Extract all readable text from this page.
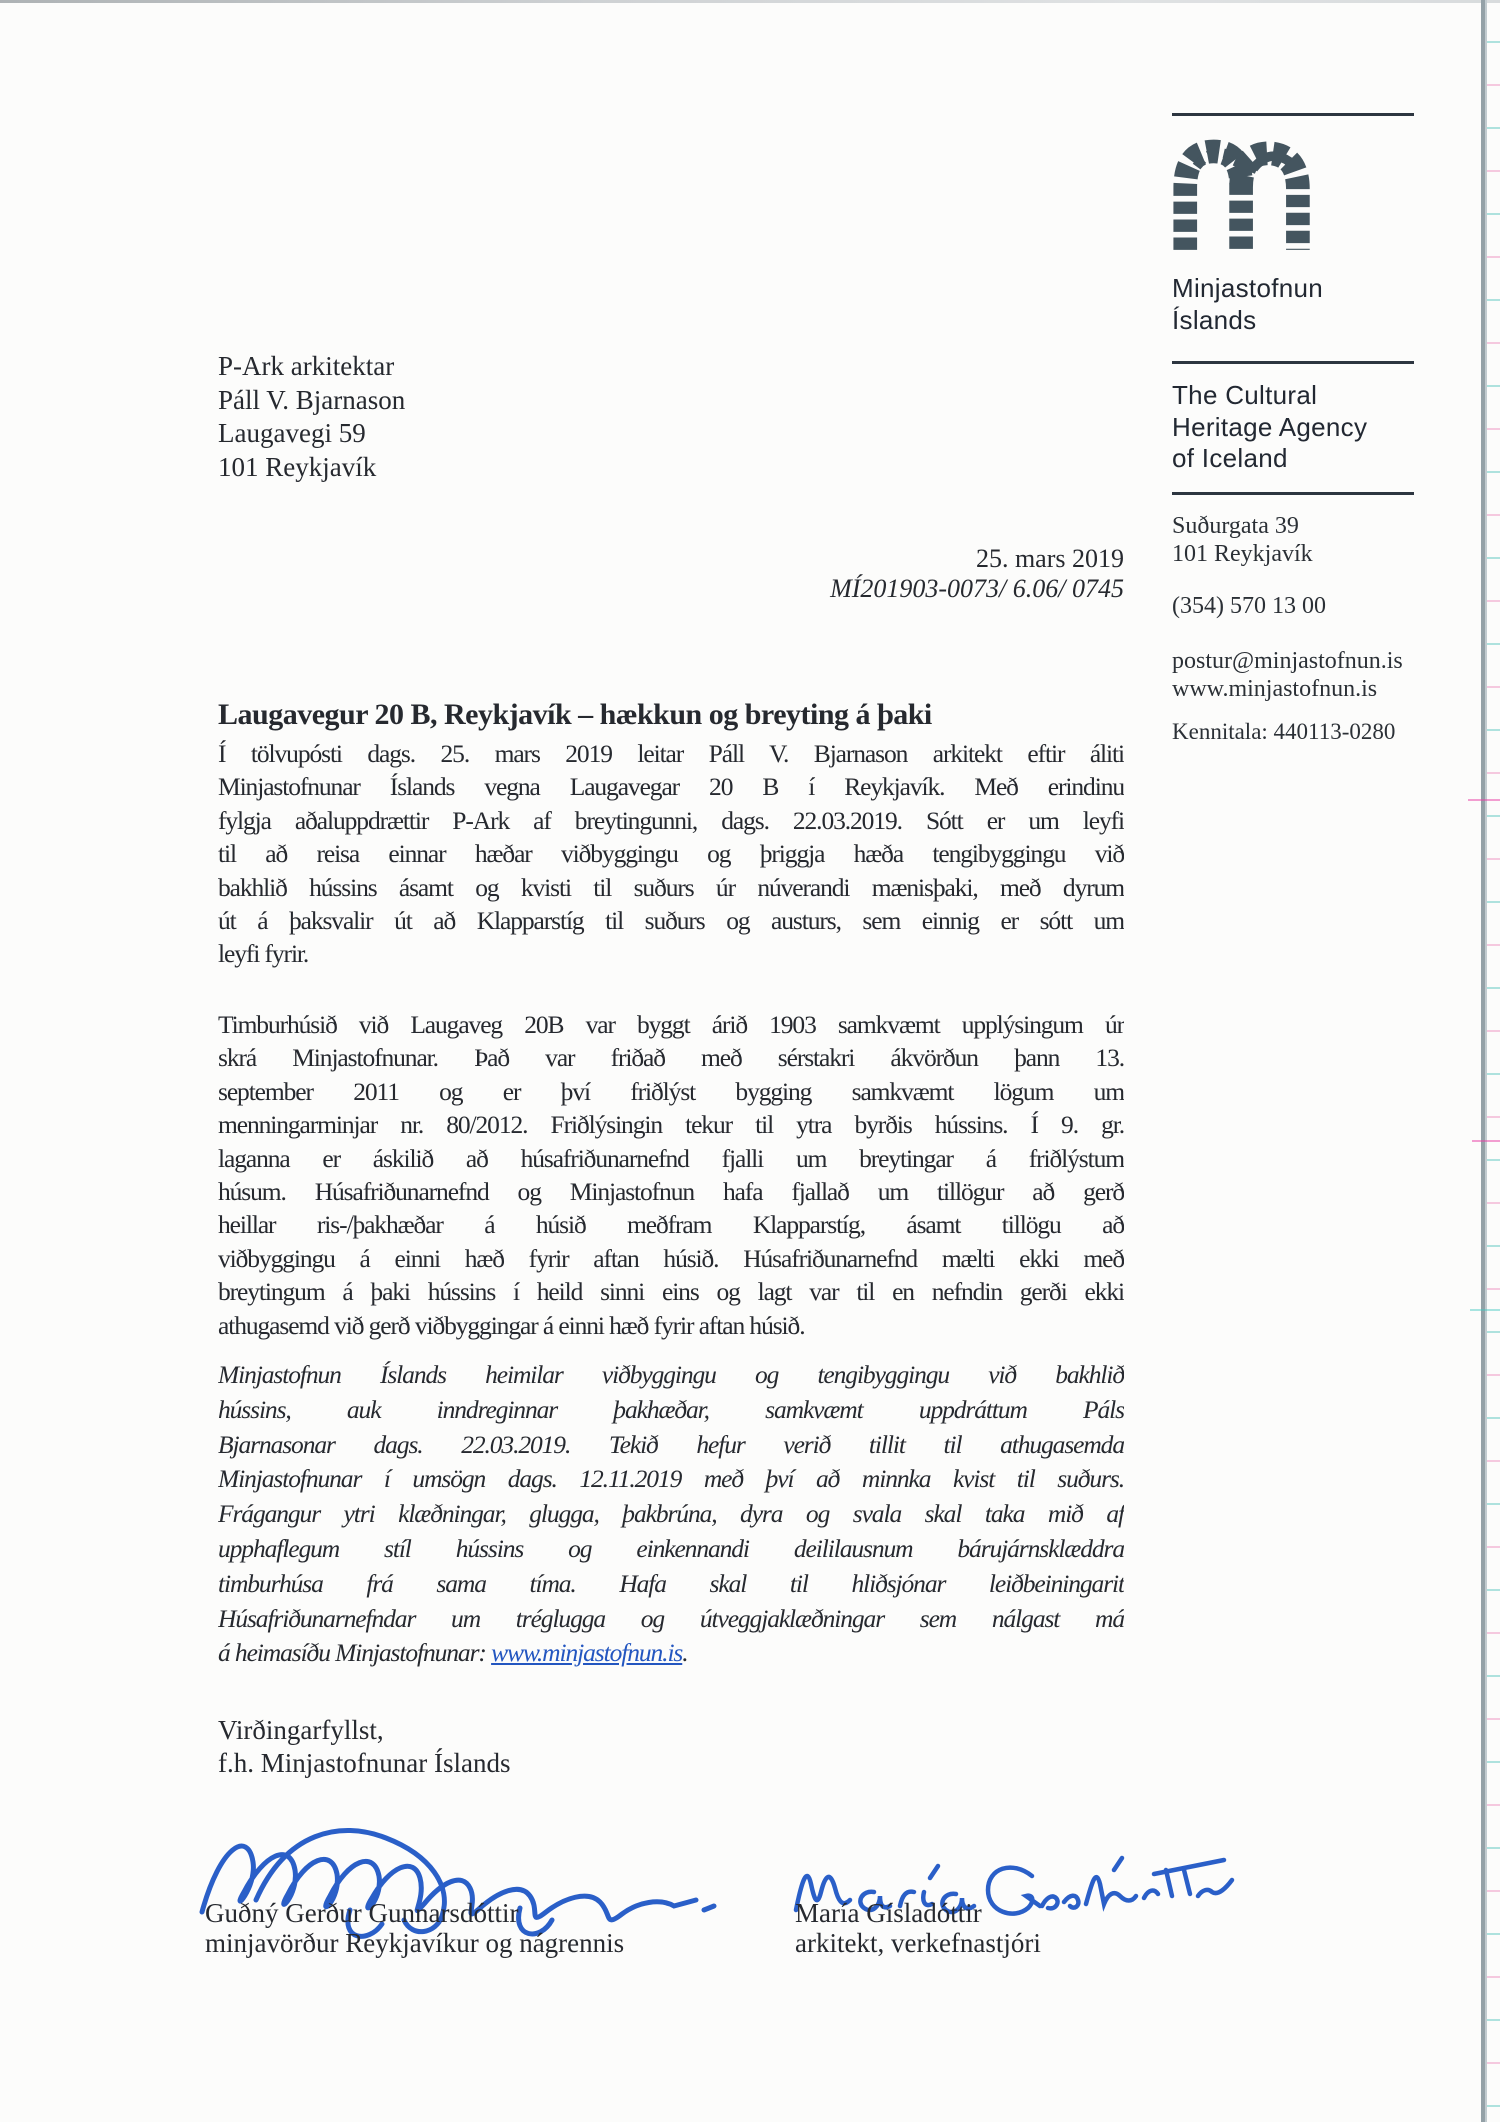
Minjastofnun
Íslands
The Cultural
Heritage Agency
of Iceland
Suðurgata 39
101 Reykjavík
(354) 570 13 00
postur@minjastofnun.is
www.minjastofnun.is
Kennitala: 440113-0280
P-Ark arkitektar
Páll V. Bjarnason
Laugavegi 59
101 Reykjavík
25. mars 2019
MÍ201903-0073/ 6.06/ 0745
Laugavegur 20 B, Reykjavík – hækkun og breyting á þaki
Í tölvupósti dags. 25. mars 2019 leitar Páll V. Bjarnason arkitekt eftir áliti
Minjastofnunar Íslands vegna Laugavegar 20 B í Reykjavík. Með erindinu
fylgja aðaluppdrættir P-Ark af breytingunni, dags. 22.03.2019. Sótt er um leyfi
til að reisa einnar hæðar viðbyggingu og þriggja hæða tengibyggingu við
bakhlið hússins ásamt og kvisti til suðurs úr núverandi mænisþaki, með dyrum
út á þaksvalir út að Klapparstíg til suðurs og austurs, sem einnig er sótt um
leyfi fyrir.
Timburhúsið við Laugaveg 20B var byggt árið 1903 samkvæmt upplýsingum úr
skrá Minjastofnunar. Það var friðað með sérstakri ákvörðun þann 13.
september 2011 og er því friðlýst bygging samkvæmt lögum um
menningarminjar nr. 80/2012. Friðlýsingin tekur til ytra byrðis hússins. Í 9. gr.
laganna er áskilið að húsafriðunarnefnd fjalli um breytingar á friðlýstum
húsum. Húsafriðunarnefnd og Minjastofnun hafa fjallað um tillögur að gerð
heillar ris-/þakhæðar á húsið meðfram Klapparstíg, ásamt tillögu að
viðbyggingu á einni hæð fyrir aftan húsið. Húsafriðunarnefnd mælti ekki með
breytingum á þaki hússins í heild sinni eins og lagt var til en nefndin gerði ekki
athugasemd við gerð viðbyggingar á einni hæð fyrir aftan húsið.
Minjastofnun Íslands heimilar viðbyggingu og tengibyggingu við bakhlið
hússins, auk inndreginnar þakhæðar, samkvæmt uppdráttum Páls
Bjarnasonar dags. 22.03.2019. Tekið hefur verið tillit til athugasemda
Minjastofnunar í umsögn dags. 12.11.2019 með því að minnka kvist til suðurs.
Frágangur ytri klæðningar, glugga, þakbrúna, dyra og svala skal taka mið af
upphaflegum stíl hússins og einkennandi deililausnum bárujárnsklæddra
timburhúsa frá sama tíma. Hafa skal til hliðsjónar leiðbeiningarit
Húsafriðunarnefndar um tréglugga og útveggjaklæðningar sem nálgast má
á heimasíðu Minjastofnunar: www.minjastofnun.is.
Virðingarfyllst,
f.h. Minjastofnunar Íslands
Guðný Gerður Gunnarsdóttir
minjavörður Reykjavíkur og nágrennis
María Gísladóttir
arkitekt, verkefnastjóri
